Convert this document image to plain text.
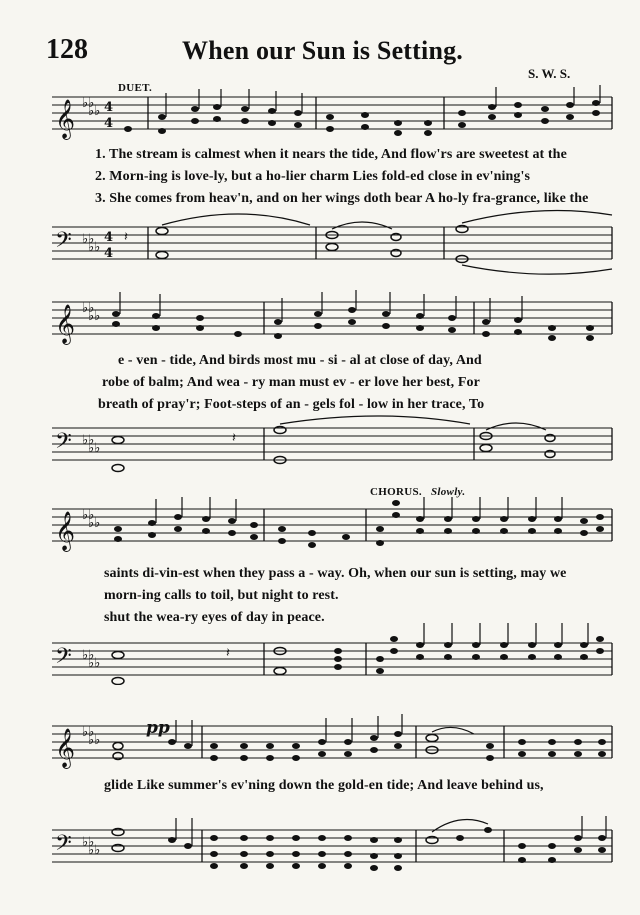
128	When our Sun is Setting.
S. W. S.
DUET.
𝄞 ♭♭
♭♭ 4
4
𝄢 ♭♭
♭♭
4
4
𝄽
1. The stream is calmest when it nears the tide, And flow'rs are sweetest at the
2. Morn-ing is love-ly, but a ho-lier charm Lies fold-ed close in ev'ning's
3. She comes from heav'n, and on her wings doth bear A ho-ly fra-grance, like the
𝄞 ♭♭
♭♭
𝄢 ♭♭
♭♭
𝄽
e - ven - tide, And birds most mu - si - al at close of day, And
robe of balm; And wea - ry man must ev - er love her best, For
breath of pray'r; Foot-steps of an - gels fol - low in her trace, To
CHORUS. Slowly.
𝄞 ♭♭
♭♭
𝄢 ♭♭
♭♭
𝄽
saints di-vin-est when they pass a - way. Oh, when our sun is setting, may we
morn-ing calls to toil, but night to rest.
shut the wea-ry eyes of day in peace.
pp
𝄞 ♭♭
♭♭
𝄢 ♭♭
♭♭
glide Like summer's ev'ning down the gold-en tide; And leave behind us,
